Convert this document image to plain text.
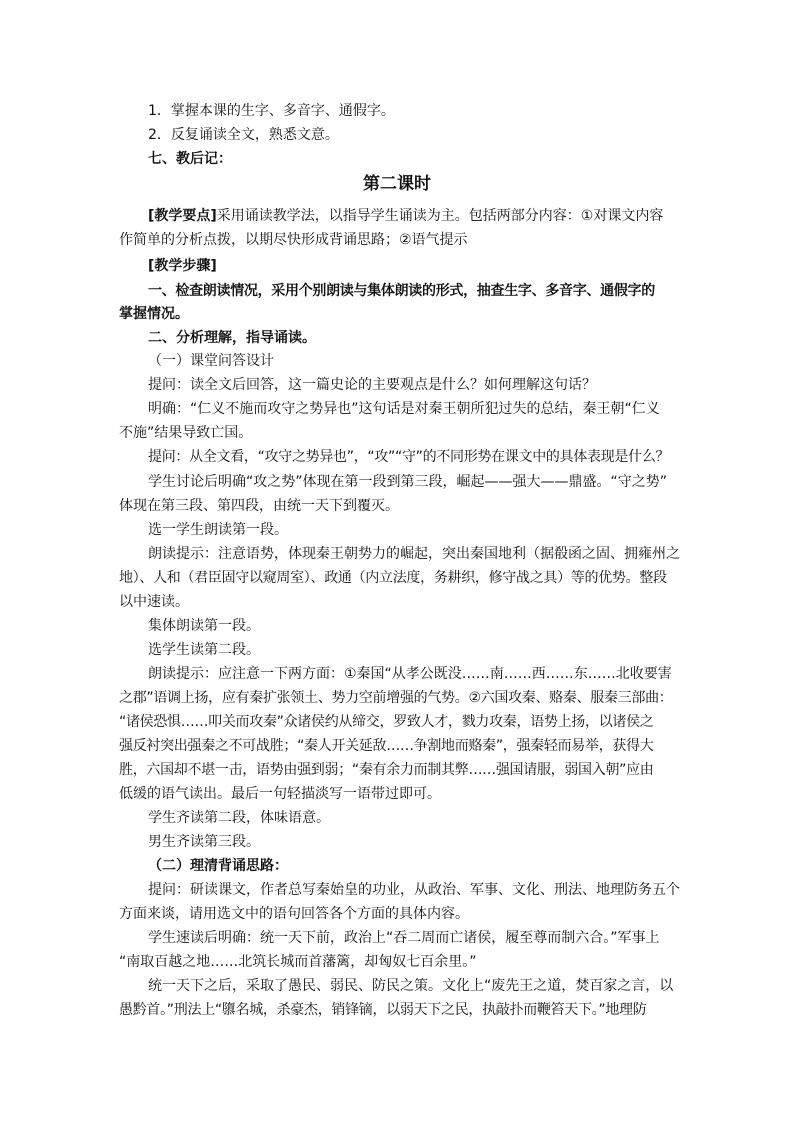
1．掌握本课的生字、多音字、通假字。
2．反复诵读全文，熟悉文意。
七、教后记：
第二课时
[教学要点]采用诵读教学法，以指导学生诵读为主。包括两部分内容：①对课文内容
作简单的分析点拨，以期尽快形成背诵思路；②语气提示
[教学步骤]
一、检查朗读情况，采用个别朗读与集体朗读的形式，抽查生字、多音字、通假字的
掌握情况。
二、分析理解，指导诵读。
（一）课堂问答设计
提问：读全文后回答，这一篇史论的主要观点是什么？如何理解这句话？
明确：“仁义不施而攻守之势异也”这句话是对秦王朝所犯过失的总结，秦王朝“仁义
不施”结果导致亡国。
提问：从全文看，“攻守之势异也”，“攻”“守”的不同形势在课文中的具体表现是什么？
学生讨论后明确“攻之势”体现在第一段到第三段，崛起——强大——鼎盛。“守之势”
体现在第三段、第四段，由统一天下到覆灭。
选一学生朗读第一段。
朗读提示：注意语势，体现秦王朝势力的崛起，突出秦国地利（据殽函之固、拥雍州之
地）、人和（君臣固守以窥周室）、政通（内立法度，务耕织，修守战之具）等的优势。整段
以中速读。
集体朗读第一段。
选学生读第二段。
朗读提示：应注意一下两方面：①秦国“从孝公既没……南……西……东……北收要害
之郡”语调上扬，应有秦扩张领土、势力空前增强的气势。②六国攻秦、赂秦、服秦三部曲：
“诸侯恐惧……叩关而攻秦”众诸侯约从缔交，罗致人才，戮力攻秦，语势上扬，以诸侯之
强反衬突出强秦之不可战胜；“秦人开关延敌……争割地而赂秦”，强秦轻而易举，获得大
胜，六国却不堪一击，语势由强到弱；“秦有余力而制其弊……强国请服，弱国入朝”应由
低缓的语气读出。最后一句轻描淡写一语带过即可。
学生齐读第二段，体味语意。
男生齐读第三段。
（二）理清背诵思路：
提问：研读课文，作者总写秦始皇的功业，从政治、军事、文化、刑法、地理防务五个
方面来谈，请用选文中的语句回答各个方面的具体内容。
学生速读后明确：统一天下前，政治上“吞二周而亡诸侯，履至尊而制六合。”军事上
“南取百越之地……北筑长城而首藩篱，却匈奴七百余里。”
统一天下之后，采取了愚民、弱民、防民之策。文化上“废先王之道，焚百家之言，以
愚黔首。”刑法上“隳名城，杀豪杰，销锋镝，以弱天下之民，执敲扑而鞭笞天下。”地理防
